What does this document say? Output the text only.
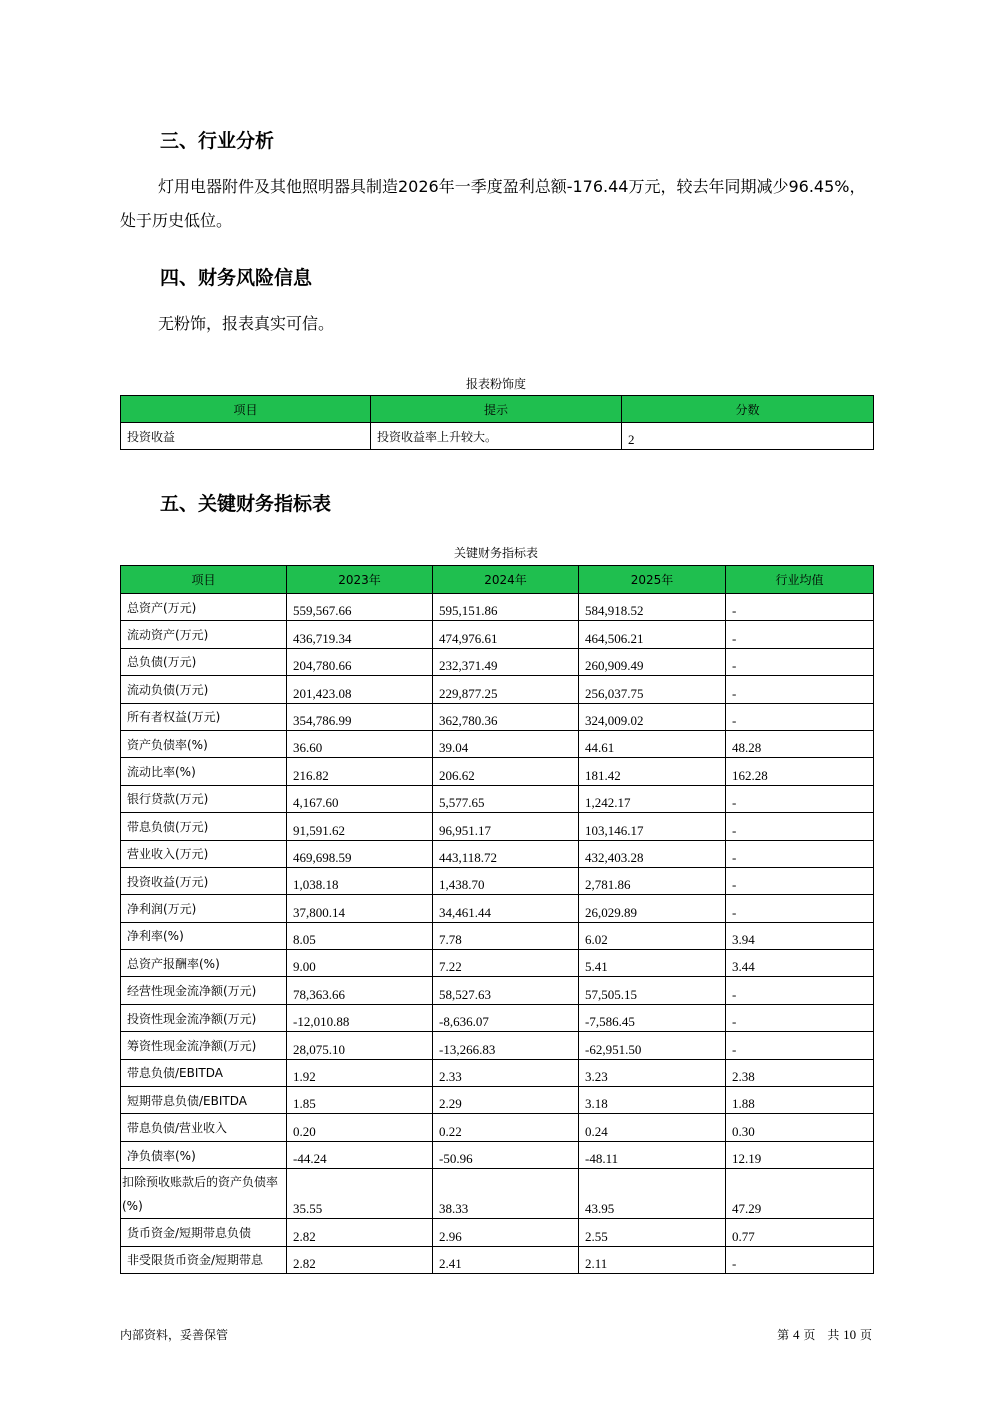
三、行业分析

灯用电器附件及其他照明器具制造2026年一季度盈利总额-176.44万元，较去年同期减少96.45%，处于历史低位。

四、财务风险信息

无粉饰，报表真实可信。

报表粉饰度
项目	提示	分数
投资收益	投资收益率上升较大。	2
五、关键财务指标表
关键财务指标表
项目	2023年	2024年	2025年	行业均值
总资产(万元)	559,567.66	595,151.86	584,918.52	-
流动资产(万元)	436,719.34	474,976.61	464,506.21	-
总负债(万元)	204,780.66	232,371.49	260,909.49	-
流动负债(万元)	201,423.08	229,877.25	256,037.75	-
所有者权益(万元)	354,786.99	362,780.36	324,009.02	-
资产负债率(%)	36.60	39.04	44.61	48.28
流动比率(%)	216.82	206.62	181.42	162.28
银行贷款(万元)	4,167.60	5,577.65	1,242.17	-
带息负债(万元)	91,591.62	96,951.17	103,146.17	-
营业收入(万元)	469,698.59	443,118.72	432,403.28	-
投资收益(万元)	1,038.18	1,438.70	2,781.86	-
净利润(万元)	37,800.14	34,461.44	26,029.89	-
净利率(%)	8.05	7.78	6.02	3.94
总资产报酬率(%)	9.00	7.22	5.41	3.44
经营性现金流净额(万元)	78,363.66	58,527.63	57,505.15	-
投资性现金流净额(万元)	-12,010.88	-8,636.07	-7,586.45	-
筹资性现金流净额(万元)	28,075.10	-13,266.83	-62,951.50	-
带息负债/EBITDA	1.92	2.33	3.23	2.38
短期带息负债/EBITDA	1.85	2.29	3.18	1.88
带息负债/营业收入	0.20	0.22	0.24	0.30
净负债率(%)	-44.24	-50.96	-48.11	12.19
扣除预收账款后的资产负债率(%)	35.55	38.33	43.95	47.29
货币资金/短期带息负债	2.82	2.96	2.55	0.77
非受限货币资金/短期带息	2.82	2.41	2.11	-
内部资料，妥善保管	第 4 页　共 10 页
